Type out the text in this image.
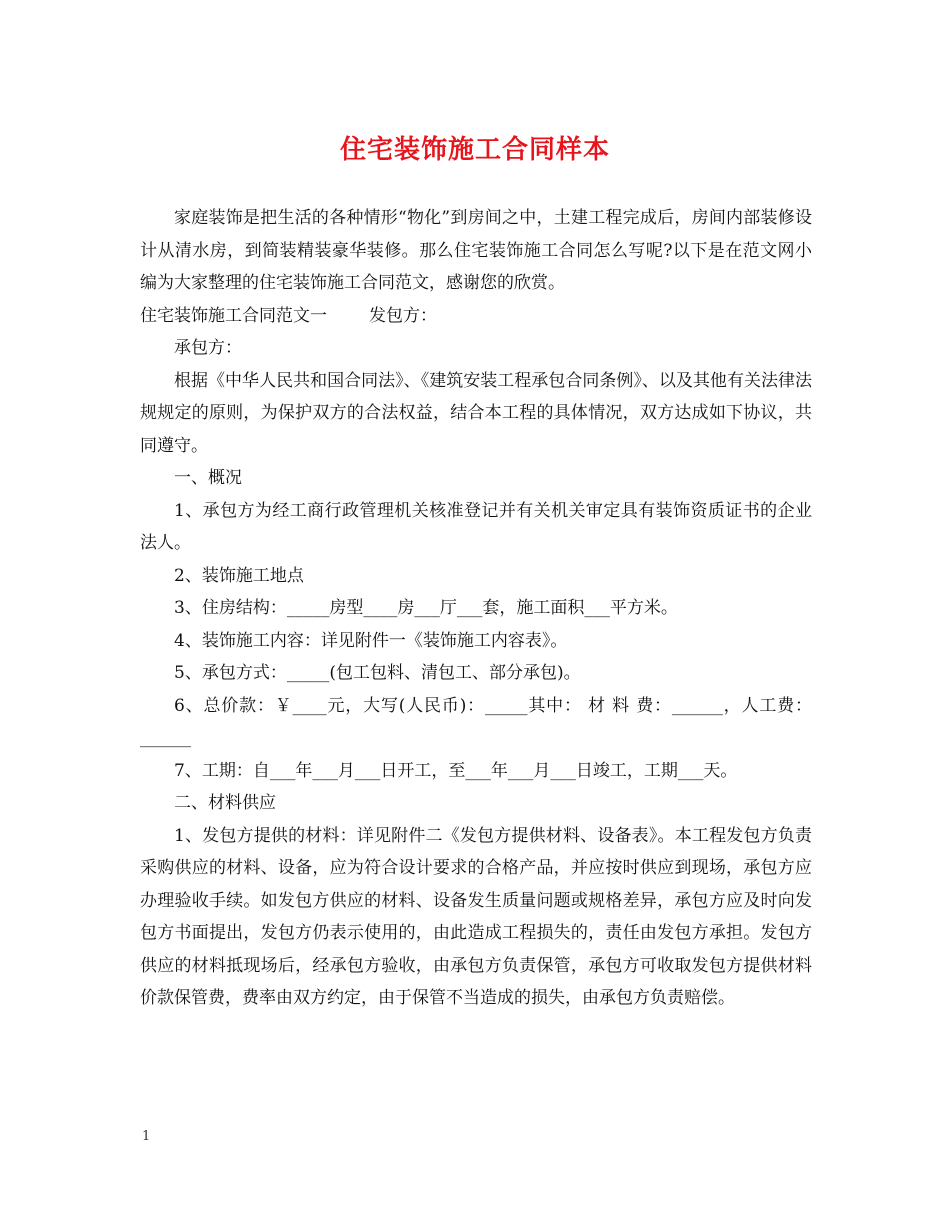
住宅装饰施工合同样本

家庭装饰是把生活的各种情形“物化”到房间之中，土建工程完成后，房间内部装修设计从清水房，到简装精装豪华装修。那么住宅装饰施工合同怎么写呢?以下是在范文网小编为大家整理的住宅装饰施工合同范文，感谢您的欣赏。

住宅装饰施工合同范文一 发包方：

承包方：

根据《中华人民共和国合同法》、《建筑安装工程承包合同条例》、以及其他有关法律法规规定的原则，为保护双方的合法权益，结合本工程的具体情况，双方达成如下协议，共同遵守。

一、概况

1、承包方为经工商行政管理机关核准登记并有关机关审定具有装饰资质证书的企业法人。

2、装饰施工地点

3、住房结构：_____房型____房___厅___套，施工面积___平方米。

4、装饰施工内容：详见附件一《装饰施工内容表》。

5、承包方式：_____(包工包料、清包工、部分承包)。

6、总价款：￥____元，大写(人民币)：_____其中： 材 料 费：______，人工费：______

7、工期：自___年___月___日开工，至___年___月___日竣工，工期___天。

二、材料供应

1、发包方提供的材料：详见附件二《发包方提供材料、设备表》。本工程发包方负责采购供应的材料、设备，应为符合设计要求的合格产品，并应按时供应到现场，承包方应办理验收手续。如发包方供应的材料、设备发生质量问题或规格差异，承包方应及时向发包方书面提出，发包方仍表示使用的，由此造成工程损失的，责任由发包方承担。发包方供应的材料抵现场后，经承包方验收，由承包方负责保管，承包方可收取发包方提供材料价款保管费，费率由双方约定，由于保管不当造成的损失，由承包方负责赔偿。

1
